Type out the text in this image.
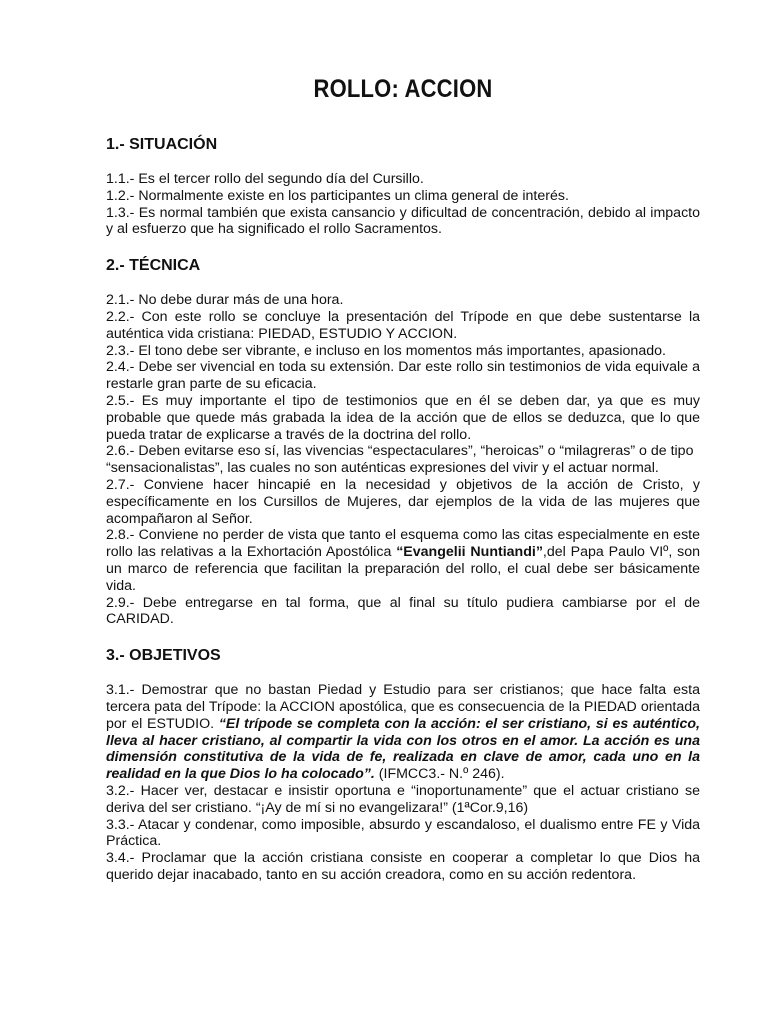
ROLLO: ACCION
1.- SITUACIÓN

1.1.- Es el tercer rollo del segundo día del Cursillo.

1.2.- Normalmente existe en los participantes un clima general de interés.

1.3.- Es normal también que exista cansancio y dificultad de concentración, debido al impacto y al esfuerzo que ha significado el rollo Sacramentos.

2.- TÉCNICA

2.1.- No debe durar más de una hora.

2.2.- Con este rollo se concluye la presentación del Trípode en que debe sustentarse la auténtica vida cristiana: PIEDAD, ESTUDIO Y ACCION.

2.3.- El tono debe ser vibrante, e incluso en los momentos más importantes, apasionado.

2.4.- Debe ser vivencial en toda su extensión. Dar este rollo sin testimonios de vida equivale a restarle gran parte de su eficacia.

2.5.- Es muy importante el tipo de testimonios que en él se deben dar, ya que es muy probable que quede más grabada la idea de la acción que de ellos se deduzca, que lo que pueda tratar de explicarse a través de la doctrina del rollo.

2.6.- Deben evitarse eso sí, las vivencias “espectaculares”, “heroicas” o “milagreras” o de tipo

“sensacionalistas”, las cuales no son auténticas expresiones del vivir y el actuar normal.

2.7.- Conviene hacer hincapié en la necesidad y objetivos de la acción de Cristo, y específicamente en los Cursillos de Mujeres, dar ejemplos de la vida de las mujeres que acompañaron al Señor.

2.8.- Conviene no perder de vista que tanto el esquema como las citas especialmente en este rollo las relativas a la Exhortación Apostólica “Evangelii Nuntiandi”,del Papa Paulo VIº, son un marco de referencia que facilitan la preparación del rollo, el cual debe ser básicamente vida.

2.9.- Debe entregarse en tal forma, que al final su título pudiera cambiarse por el de CARIDAD.

3.- OBJETIVOS

3.1.- Demostrar que no bastan Piedad y Estudio para ser cristianos; que hace falta esta tercera pata del Trípode: la ACCION apostólica, que es consecuencia de la PIEDAD orientada por el ESTUDIO. “El trípode se completa con la acción: el ser cristiano, si es auténtico, lleva al hacer cristiano, al compartir la vida con los otros en el amor. La acción es una dimensión constitutiva de la vida de fe, realizada en clave de amor, cada uno en la realidad en la que Dios lo ha colocado”. (IFMCC3.- N.º 246).

3.2.- Hacer ver, destacar e insistir oportuna e “inoportunamente” que el actuar cristiano se deriva del ser cristiano. “¡Ay de mí si no evangelizara!” (1ªCor.9,16)

3.3.- Atacar y condenar, como imposible, absurdo y escandaloso, el dualismo entre FE y Vida Práctica.

3.4.- Proclamar que la acción cristiana consiste en cooperar a completar lo que Dios ha querido dejar inacabado, tanto en su acción creadora, como en su acción redentora.
